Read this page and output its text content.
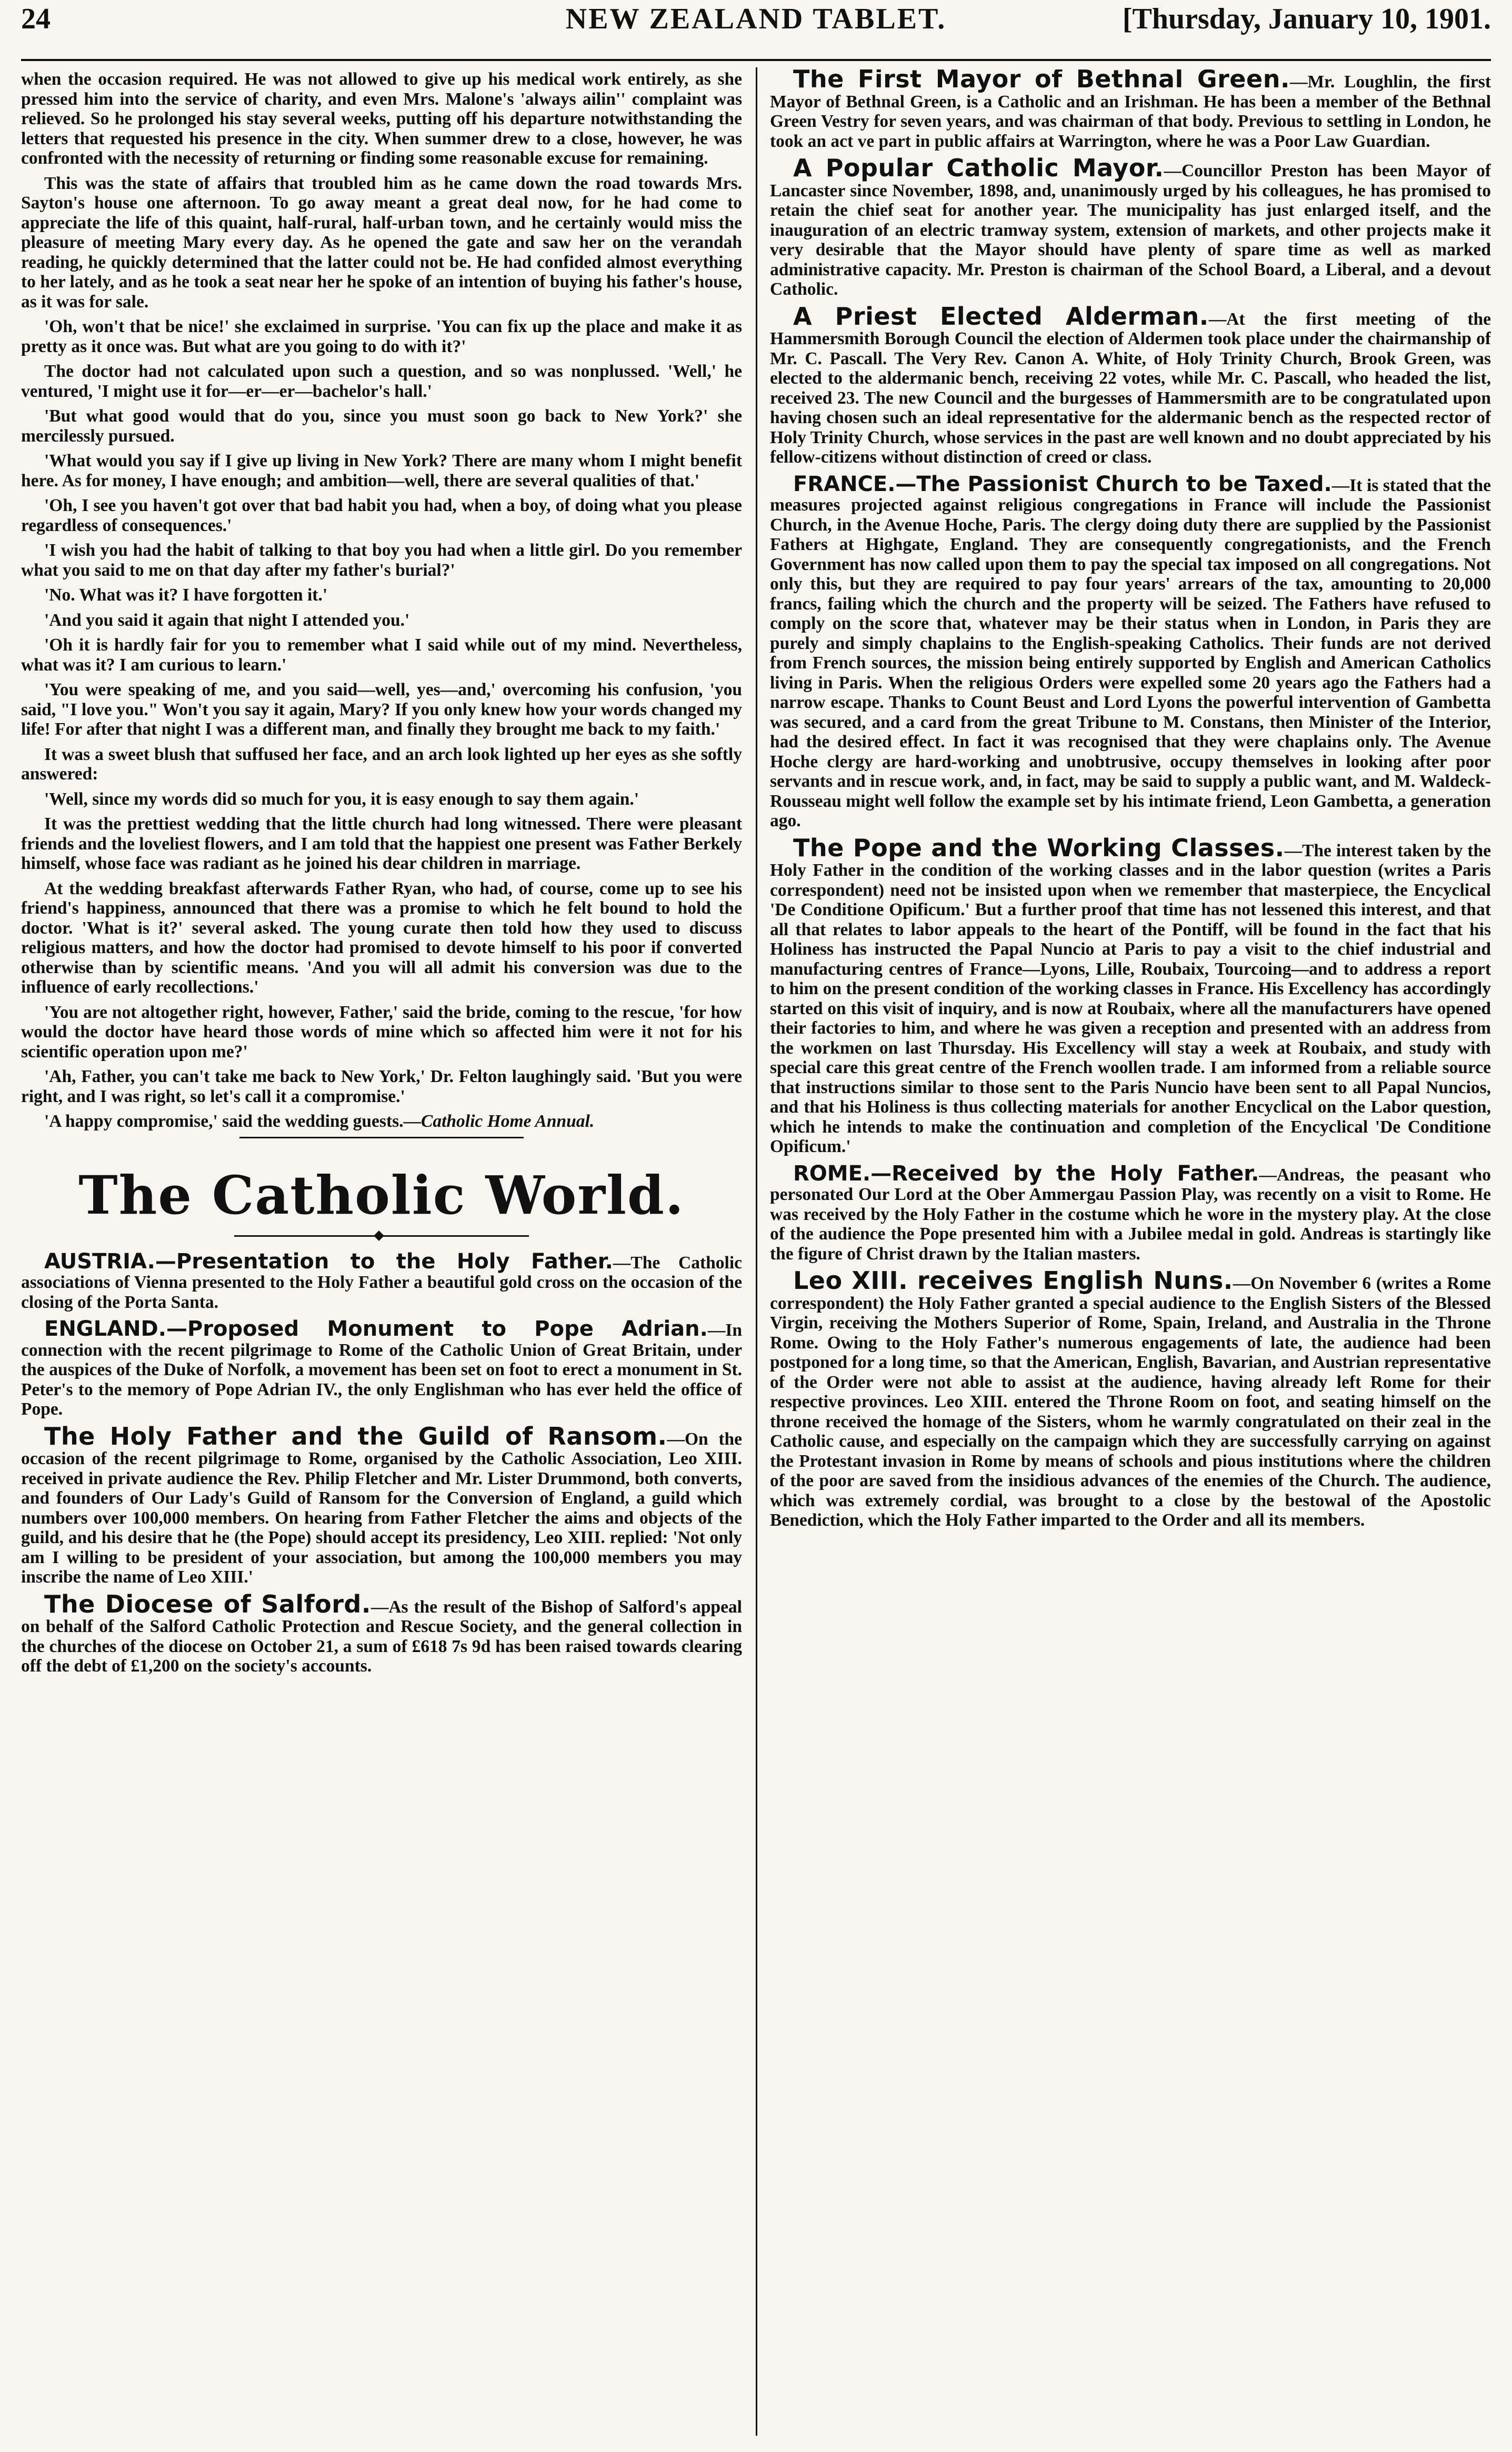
24	NEW ZEALAND TABLET.	[Thursday, January 10, 1901.

when the occasion required. He was not allowed to give up his medical work entirely, as she pressed him into the service of charity, and even Mrs. Malone's 'always ailin'' complaint was relieved. So he prolonged his stay several weeks, putting off his departure notwithstanding the letters that requested his presence in the city. When summer drew to a close, however, he was confronted with the necessity of returning or finding some reasonable excuse for remaining.

This was the state of affairs that troubled him as he came down the road towards Mrs. Sayton's house one afternoon. To go away meant a great deal now, for he had come to appreciate the life of this quaint, half-rural, half-urban town, and he certainly would miss the pleasure of meeting Mary every day. As he opened the gate and saw her on the verandah reading, he quickly determined that the latter could not be. He had confided almost everything to her lately, and as he took a seat near her he spoke of an intention of buying his father's house, as it was for sale.

'Oh, won't that be nice!' she exclaimed in surprise. 'You can fix up the place and make it as pretty as it once was. But what are you going to do with it?'

The doctor had not calculated upon such a question, and so was nonplussed. 'Well,' he ventured, 'I might use it for—er—er—bachelor's hall.'

'But what good would that do you, since you must soon go back to New York?' she mercilessly pursued.

'What would you say if I give up living in New York? There are many whom I might benefit here. As for money, I have enough; and ambition—well, there are several qualities of that.'

'Oh, I see you haven't got over that bad habit you had, when a boy, of doing what you please regardless of consequences.'

'I wish you had the habit of talking to that boy you had when a little girl. Do you remember what you said to me on that day after my father's burial?'

'No. What was it? I have forgotten it.'

'And you said it again that night I attended you.'

'Oh it is hardly fair for you to remember what I said while out of my mind. Nevertheless, what was it? I am curious to learn.'

'You were speaking of me, and you said—well, yes—and,' overcoming his confusion, 'you said, "I love you." Won't you say it again, Mary? If you only knew how your words changed my life! For after that night I was a different man, and finally they brought me back to my faith.'

It was a sweet blush that suffused her face, and an arch look lighted up her eyes as she softly answered:

'Well, since my words did so much for you, it is easy enough to say them again.'

It was the prettiest wedding that the little church had long witnessed. There were pleasant friends and the loveliest flowers, and I am told that the happiest one present was Father Berkely himself, whose face was radiant as he joined his dear children in marriage.

At the wedding breakfast afterwards Father Ryan, who had, of course, come up to see his friend's happiness, announced that there was a promise to which he felt bound to hold the doctor. 'What is it?' several asked. The young curate then told how they used to discuss religious matters, and how the doctor had promised to devote himself to his poor if converted otherwise than by scientific means. 'And you will all admit his conversion was due to the influence of early recollections.'

'You are not altogether right, however, Father,' said the bride, coming to the rescue, 'for how would the doctor have heard those words of mine which so affected him were it not for his scientific operation upon me?'

'Ah, Father, you can't take me back to New York,' Dr. Felton laughingly said. 'But you were right, and I was right, so let's call it a compromise.'

'A happy compromise,' said the wedding guests.—Catholic Home Annual.

The Catholic World.

AUSTRIA.—Presentation to the Holy Father.—The Catholic associations of Vienna presented to the Holy Father a beautiful gold cross on the occasion of the closing of the Porta Santa.

ENGLAND.—Proposed Monument to Pope Adrian.—In connection with the recent pilgrimage to Rome of the Catholic Union of Great Britain, under the auspices of the Duke of Norfolk, a movement has been set on foot to erect a monument in St. Peter's to the memory of Pope Adrian IV., the only Englishman who has ever held the office of Pope.

The Holy Father and the Guild of Ransom.—On the occasion of the recent pilgrimage to Rome, organised by the Catholic Association, Leo XIII. received in private audience the Rev. Philip Fletcher and Mr. Lister Drummond, both converts, and founders of Our Lady's Guild of Ransom for the Conversion of England, a guild which numbers over 100,000 members. On hearing from Father Fletcher the aims and objects of the guild, and his desire that he (the Pope) should accept its presidency, Leo XIII. replied: 'Not only am I willing to be president of your association, but among the 100,000 members you may inscribe the name of Leo XIII.'

The Diocese of Salford.—As the result of the Bishop of Salford's appeal on behalf of the Salford Catholic Protection and Rescue Society, and the general collection in the churches of the diocese on October 21, a sum of £618 7s 9d has been raised towards clearing off the debt of £1,200 on the society's accounts.

The First Mayor of Bethnal Green.—Mr. Loughlin, the first Mayor of Bethnal Green, is a Catholic and an Irishman. He has been a member of the Bethnal Green Vestry for seven years, and was chairman of that body. Previous to settling in London, he took an act ve part in public affairs at Warrington, where he was a Poor Law Guardian.

A Popular Catholic Mayor.—Councillor Preston has been Mayor of Lancaster since November, 1898, and, unanimously urged by his colleagues, he has promised to retain the chief seat for another year. The municipality has just enlarged itself, and the inauguration of an electric tramway system, extension of markets, and other projects make it very desirable that the Mayor should have plenty of spare time as well as marked administrative capacity. Mr. Preston is chairman of the School Board, a Liberal, and a devout Catholic.

A Priest Elected Alderman.—At the first meeting of the Hammersmith Borough Council the election of Aldermen took place under the chairmanship of Mr. C. Pascall. The Very Rev. Canon A. White, of Holy Trinity Church, Brook Green, was elected to the aldermanic bench, receiving 22 votes, while Mr. C. Pascall, who headed the list, received 23. The new Council and the burgesses of Hammersmith are to be congratulated upon having chosen such an ideal representative for the aldermanic bench as the respected rector of Holy Trinity Church, whose services in the past are well known and no doubt appreciated by his fellow-citizens without distinction of creed or class.

FRANCE.—The Passionist Church to be Taxed.—It is stated that the measures projected against religious congregations in France will include the Passionist Church, in the Avenue Hoche, Paris. The clergy doing duty there are supplied by the Passionist Fathers at Highgate, England. They are consequently congregationists, and the French Government has now called upon them to pay the special tax imposed on all congregations. Not only this, but they are required to pay four years' arrears of the tax, amounting to 20,000 francs, failing which the church and the property will be seized. The Fathers have refused to comply on the score that, whatever may be their status when in London, in Paris they are purely and simply chaplains to the English-speaking Catholics. Their funds are not derived from French sources, the mission being entirely supported by English and American Catholics living in Paris. When the religious Orders were expelled some 20 years ago the Fathers had a narrow escape. Thanks to Count Beust and Lord Lyons the powerful intervention of Gambetta was secured, and a card from the great Tribune to M. Constans, then Minister of the Interior, had the desired effect. In fact it was recognised that they were chaplains only. The Avenue Hoche clergy are hard-working and unobtrusive, occupy themselves in looking after poor servants and in rescue work, and, in fact, may be said to supply a public want, and M. Waldeck-Rousseau might well follow the example set by his intimate friend, Leon Gambetta, a generation ago.

The Pope and the Working Classes.—The interest taken by the Holy Father in the condition of the working classes and in the labor question (writes a Paris correspondent) need not be insisted upon when we remember that masterpiece, the Encyclical 'De Conditione Opificum.' But a further proof that time has not lessened this interest, and that all that relates to labor appeals to the heart of the Pontiff, will be found in the fact that his Holiness has instructed the Papal Nuncio at Paris to pay a visit to the chief industrial and manufacturing centres of France—Lyons, Lille, Roubaix, Tourcoing—and to address a report to him on the present condition of the working classes in France. His Excellency has accordingly started on this visit of inquiry, and is now at Roubaix, where all the manufacturers have opened their factories to him, and where he was given a reception and presented with an address from the workmen on last Thursday. His Excellency will stay a week at Roubaix, and study with special care this great centre of the French woollen trade. I am informed from a reliable source that instructions similar to those sent to the Paris Nuncio have been sent to all Papal Nuncios, and that his Holiness is thus collecting materials for another Encyclical on the Labor question, which he intends to make the continuation and completion of the Encyclical 'De Conditione Opificum.'

ROME.—Received by the Holy Father.—Andreas, the peasant who personated Our Lord at the Ober Ammergau Passion Play, was recently on a visit to Rome. He was received by the Holy Father in the costume which he wore in the mystery play. At the close of the audience the Pope presented him with a Jubilee medal in gold. Andreas is startingly like the figure of Christ drawn by the Italian masters.

Leo XIII. receives English Nuns.—On November 6 (writes a Rome correspondent) the Holy Father granted a special audience to the English Sisters of the Blessed Virgin, receiving the Mothers Superior of Rome, Spain, Ireland, and Australia in the Throne Rome. Owing to the Holy Father's numerous engagements of late, the audience had been postponed for a long time, so that the American, English, Bavarian, and Austrian representative of the Order were not able to assist at the audience, having already left Rome for their respective provinces. Leo XIII. entered the Throne Room on foot, and seating himself on the throne received the homage of the Sisters, whom he warmly congratulated on their zeal in the Catholic cause, and especially on the campaign which they are successfully carrying on against the Protestant invasion in Rome by means of schools and pious institutions where the children of the poor are saved from the insidious advances of the enemies of the Church. The audience, which was extremely cordial, was brought to a close by the bestowal of the Apostolic Benediction, which the Holy Father imparted to the Order and all its members.
